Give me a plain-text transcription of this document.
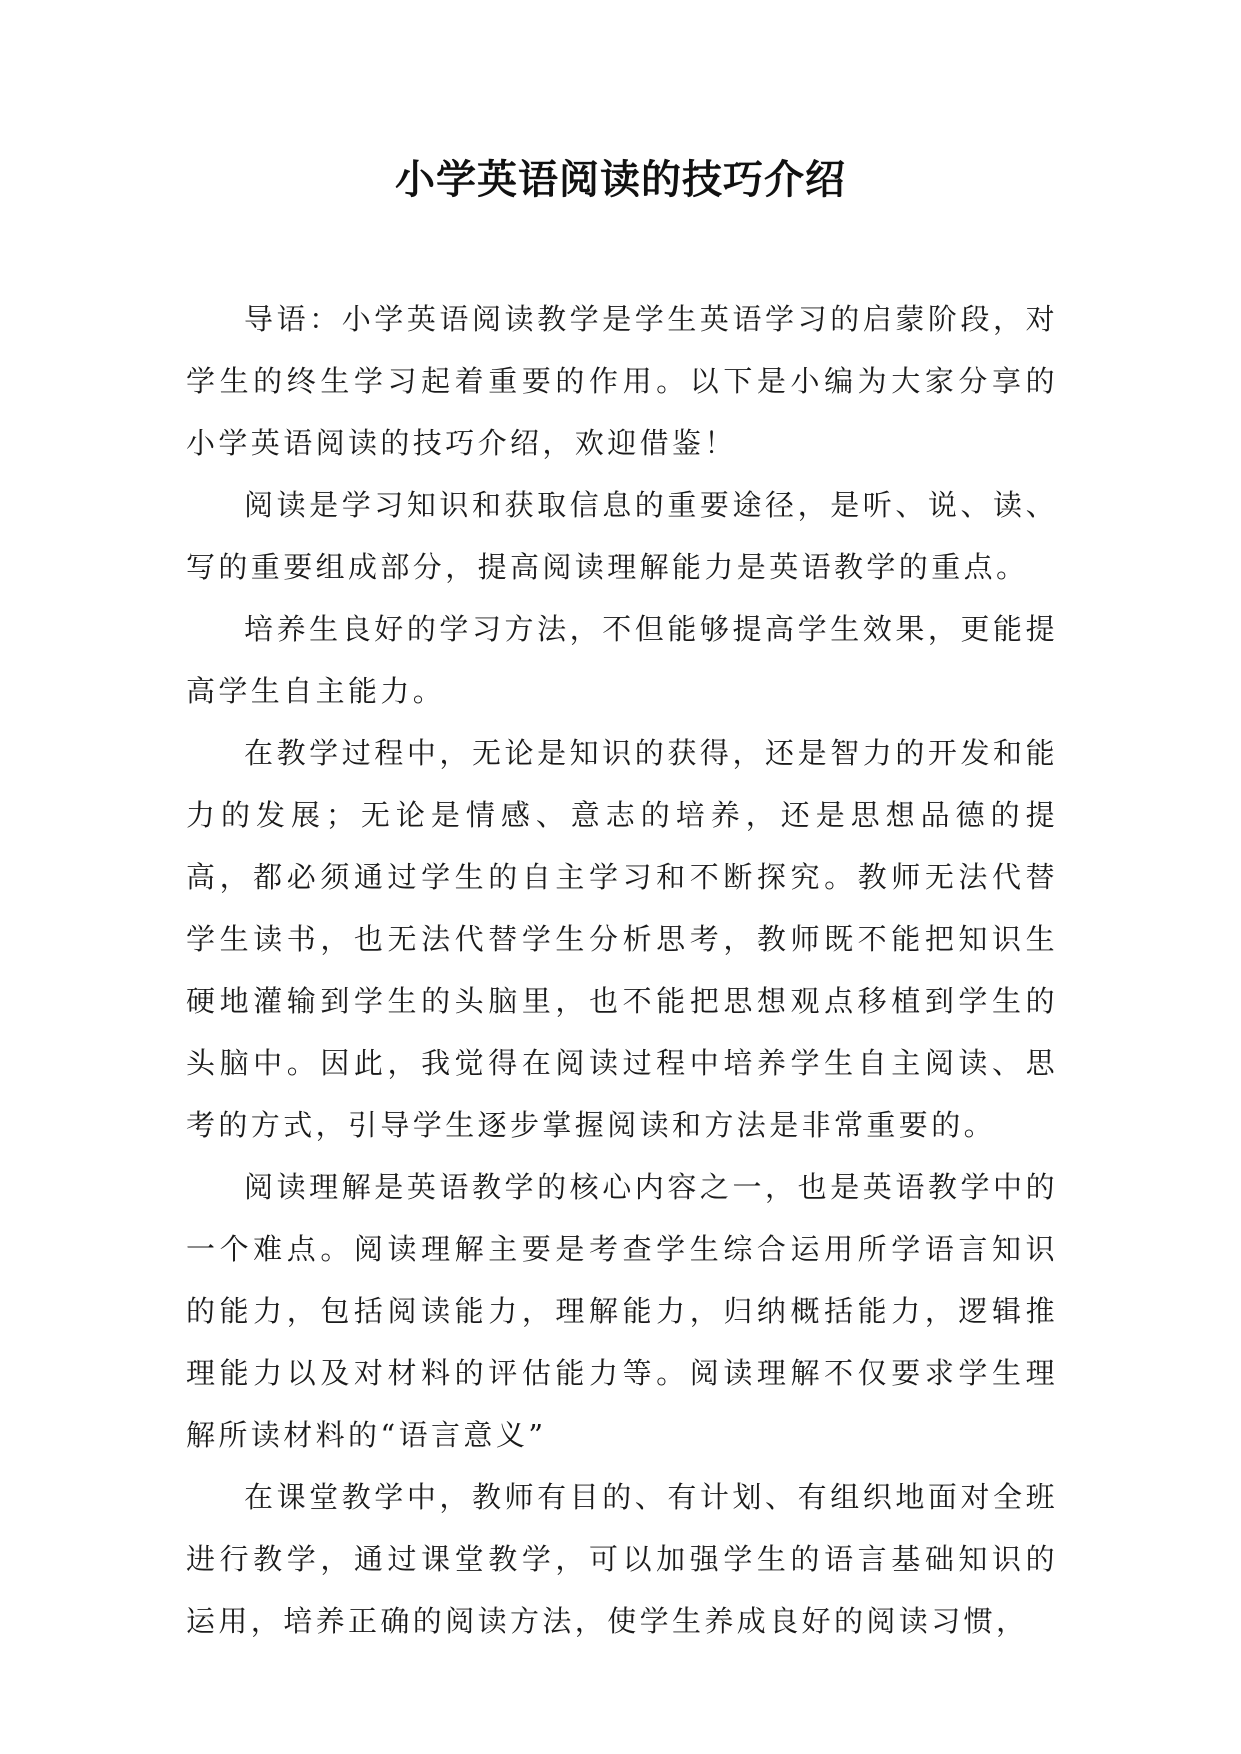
小学英语阅读的技巧介绍

导语：小学英语阅读教学是学生英语学习的启蒙阶段，对学生的终生学习起着重要的作用。以下是小编为大家分享的小学英语阅读的技巧介绍，欢迎借鉴！

阅读是学习知识和获取信息的重要途径，是听、说、读、写的重要组成部分，提高阅读理解能力是英语教学的重点。

培养生良好的学习方法，不但能够提高学生效果，更能提高学生自主能力。

在教学过程中，无论是知识的获得，还是智力的开发和能力的发展；无论是情感、意志的培养，还是思想品德的提高，都必须通过学生的自主学习和不断探究。教师无法代替学生读书，也无法代替学生分析思考，教师既不能把知识生硬地灌输到学生的头脑里，也不能把思想观点移植到学生的头脑中。因此，我觉得在阅读过程中培养学生自主阅读、思考的方式，引导学生逐步掌握阅读和方法是非常重要的。

阅读理解是英语教学的核心内容之一，也是英语教学中的一个难点。阅读理解主要是考查学生综合运用所学语言知识的能力，包括阅读能力，理解能力，归纳概括能力，逻辑推理能力以及对材料的评估能力等。阅读理解不仅要求学生理解所读材料的“语言意义”

在课堂教学中，教师有目的、有计划、有组织地面对全班进行教学，通过课堂教学，可以加强学生的语言基础知识的运用，培养正确的阅读方法，使学生养成良好的阅读习惯，
